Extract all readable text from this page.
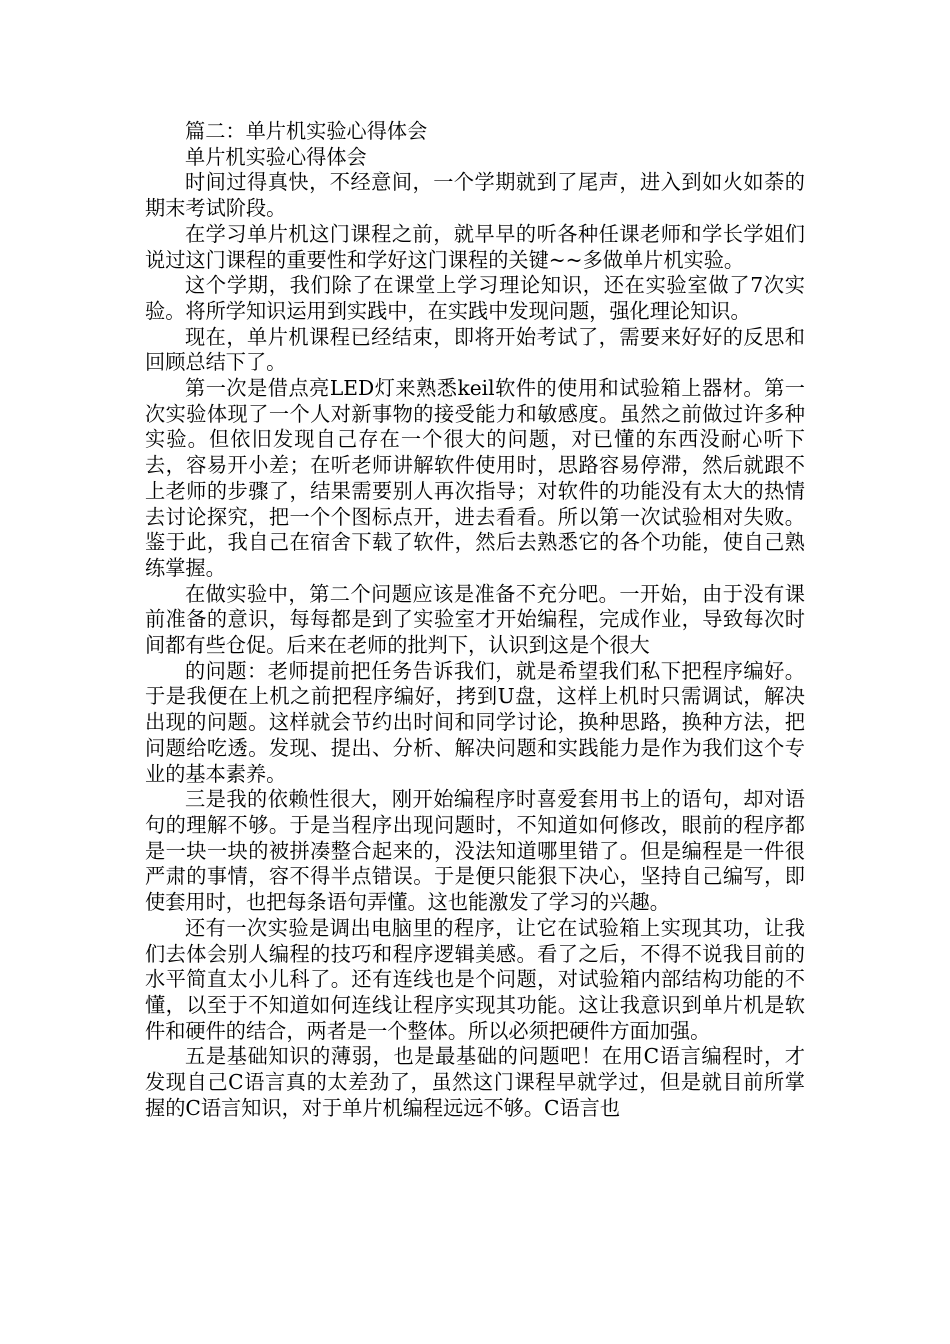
篇二：单片机实验心得体会

单片机实验心得体会

时间过得真快，不经意间，一个学期就到了尾声，进入到如火如荼的期末考试阶段。

在学习单片机这门课程之前，就早早的听各种任课老师和学长学姐们说过这门课程的重要性和学好这门课程的关键~~多做单片机实验。

这个学期，我们除了在课堂上学习理论知识，还在实验室做了7次实验。将所学知识运用到实践中，在实践中发现问题，强化理论知识。

现在，单片机课程已经结束，即将开始考试了，需要来好好的反思和回顾总结下了。

第一次是借点亮LED灯来熟悉keil软件的使用和试验箱上器材。第一次实验体现了一个人对新事物的接受能力和敏感度。虽然之前做过许多种实验。但依旧发现自己存在一个很大的问题，对已懂的东西没耐心听下去，容易开小差；在听老师讲解软件使用时，思路容易停滞，然后就跟不上老师的步骤了，结果需要别人再次指导；对软件的功能没有太大的热情去讨论探究，把一个个图标点开，进去看看。所以第一次试验相对失败。鉴于此，我自己在宿舍下载了软件，然后去熟悉它的各个功能，使自己熟练掌握。

在做实验中，第二个问题应该是准备不充分吧。一开始，由于没有课前准备的意识，每每都是到了实验室才开始编程，完成作业，导致每次时间都有些仓促。后来在老师的批判下，认识到这是个很大

的问题：老师提前把任务告诉我们，就是希望我们私下把程序编好。于是我便在上机之前把程序编好，拷到U盘，这样上机时只需调试，解决出现的问题。这样就会节约出时间和同学讨论，换种思路，换种方法，把问题给吃透。发现、提出、分析、解决问题和实践能力是作为我们这个专业的基本素养。

三是我的依赖性很大，刚开始编程序时喜爱套用书上的语句，却对语句的理解不够。于是当程序出现问题时，不知道如何修改，眼前的程序都是一块一块的被拼凑整合起来的，没法知道哪里错了。但是编程是一件很严肃的事情，容不得半点错误。于是便只能狠下决心，坚持自己编写，即使套用时，也把每条语句弄懂。这也能激发了学习的兴趣。

还有一次实验是调出电脑里的程序，让它在试验箱上实现其功，让我们去体会别人编程的技巧和程序逻辑美感。看了之后，不得不说我目前的水平简直太小儿科了。还有连线也是个问题，对试验箱内部结构功能的不懂，以至于不知道如何连线让程序实现其功能。这让我意识到单片机是软件和硬件的结合，两者是一个整体。所以必须把硬件方面加强。

五是基础知识的薄弱，也是最基础的问题吧！在用C语言编程时，才发现自己C语言真的太差劲了，虽然这门课程早就学过，但是就目前所掌握的C语言知识，对于单片机编程远远不够。C语言也
